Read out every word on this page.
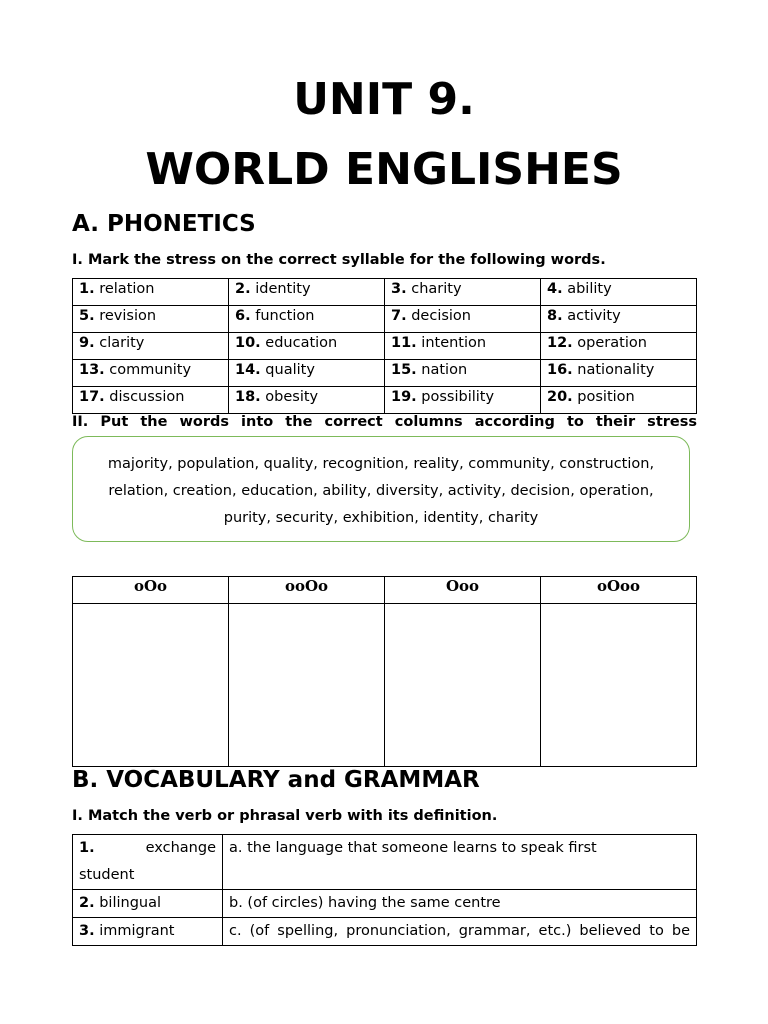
UNIT 9.
WORLD ENGLISHES
A. PHONETICS
I. Mark the stress on the correct syllable for the following words.
1. relation	2. identity	3. charity	4. ability
5. revision	6. function	7. decision	8. activity
9. clarity	10. education	11. intention	12. operation
13. community	14. quality	15. nation	16. nationality
17. discussion	18. obesity	19. possibility	20. position
II. Put the words into the correct columns according to their stress
majority, population, quality, recognition, reality, community, construction,
relation, creation, education, ability, diversity, activity, decision, operation,
purity, security, exhibition, identity, charity
oOo	ooOo	Ooo	oOoo

B. VOCABULARY and GRAMMAR
I. Match the verb or phrasal verb with its definition.
1. exchange

student	a. the language that someone learns to speak first
2. bilingual	b. (of circles) having the same centre
3. immigrant	c. (of spelling, pronunciation, grammar, etc.) believed to be
